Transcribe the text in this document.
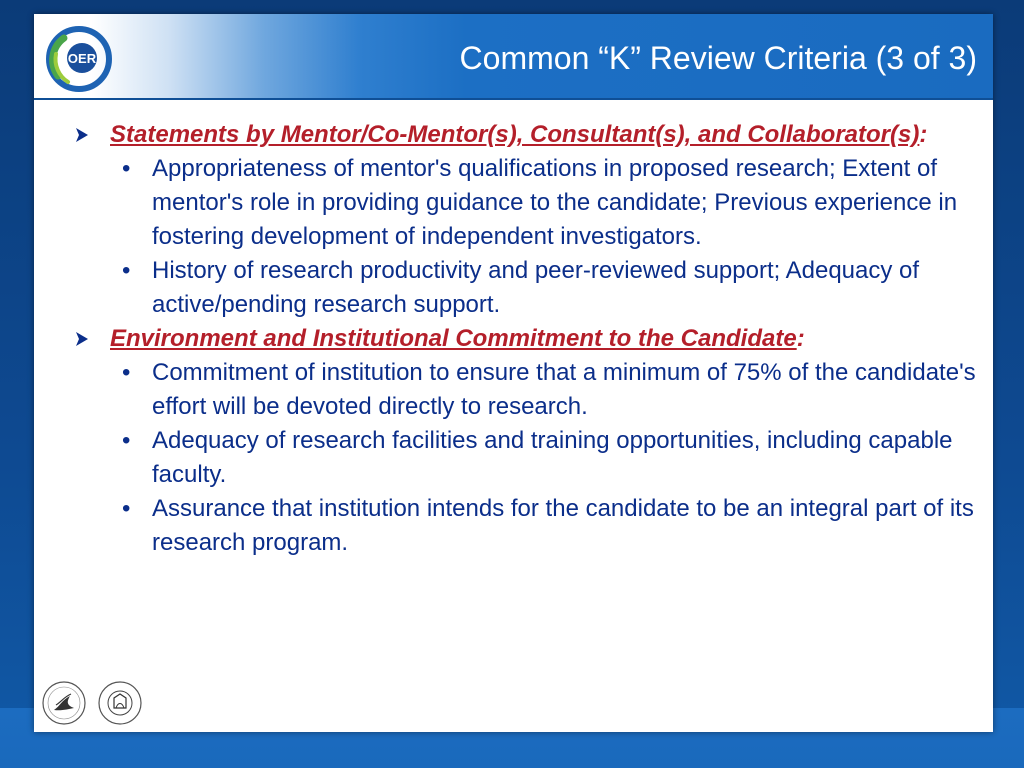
OER	Common “K” Review Criteria (3 of 3)
Statements by Mentor/Co-Mentor(s), Consultant(s), and Collaborator(s):
• Appropriateness of mentor's qualifications in proposed research; Extent of mentor's role in providing guidance to the candidate; Previous experience in fostering development of independent investigators.
• History of research productivity and peer-reviewed support; Adequacy of active/pending research support.
Environment and Institutional Commitment to the Candidate:
• Commitment of institution to ensure that a minimum of 75% of the candidate's effort will be devoted directly to research.
• Adequacy of research facilities and training opportunities, including capable faculty.
• Assurance that institution intends for the candidate to be an integral part of its research program.
